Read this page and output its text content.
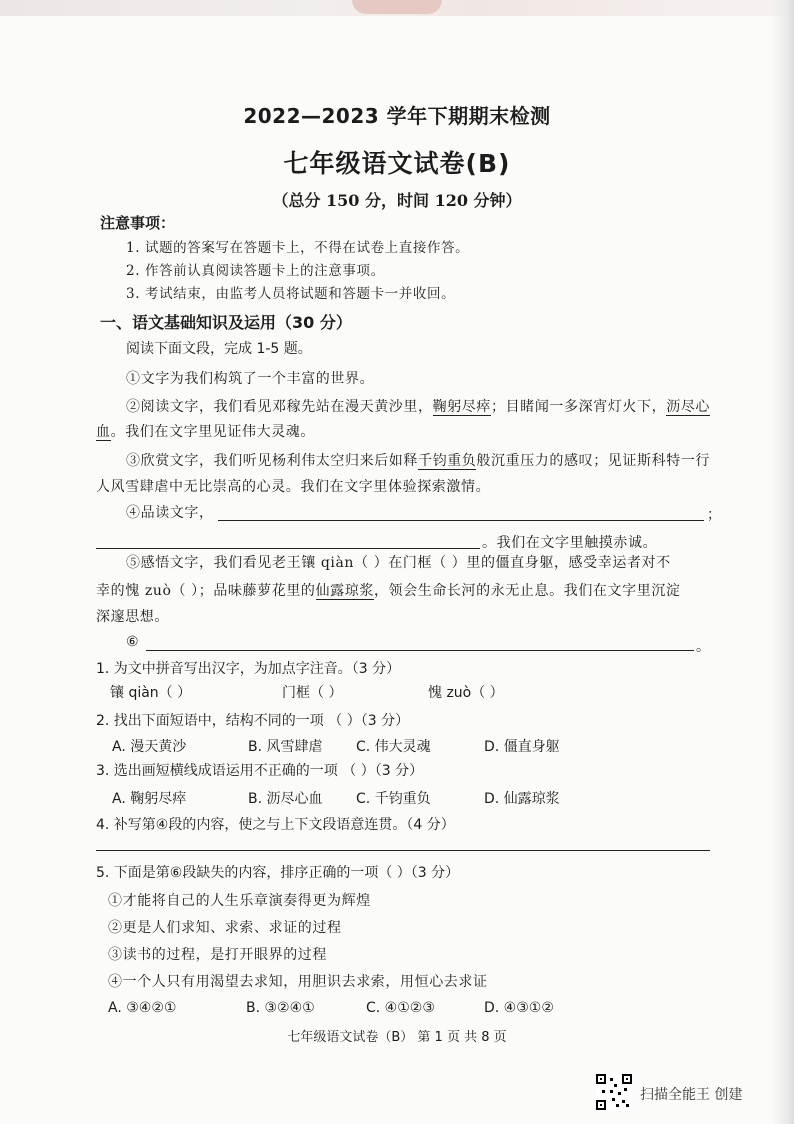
2022—2023 学年下期期末检测
七年级语文试卷(B)
（总分 150 分，时间 120 分钟）
注意事项：
1. 试题的答案写在答题卡上，不得在试卷上直接作答。
2. 作答前认真阅读答题卡上的注意事项。
3. 考试结束，由监考人员将试题和答题卡一并收回。
一、语文基础知识及运用（30 分）
阅读下面文段，完成 1-5 题。
①文字为我们构筑了一个丰富的世界。
②阅读文字，我们看见邓稼先站在漫天黄沙里，鞠躬尽瘁；目睹闻一多深宵灯火下，沥尽心
血。我们在文字里见证伟大灵魂。
③欣赏文字，我们听见杨利伟太空归来后如释千钧重负般沉重压力的感叹；见证斯科特一行
人风雪肆虐中无比崇高的心灵。我们在文字里体验探索激情。
④品读文字，	；
。我们在文字里触摸赤诚。
⑤感悟文字，我们看见老王镶 qiàn（ ）在门框（ ）里的僵直身躯，感受幸运者对不
幸的愧 zuò（ ）；品味藤萝花里的仙露琼浆，领会生命长河的永无止息。我们在文字里沉淀
深邃思想。
⑥	。
1. 为文中拼音写出汉字，为加点字注音。（3 分）
镶 qiàn（ ）	门框（ ）	愧 zuò（ ）
2. 找出下面短语中，结构不同的一项 （ ）（3 分）
A. 漫天黄沙	B. 风雪肆虐 C. 伟大灵魂	D. 僵直身躯
3. 选出画短横线成语运用不正确的一项 （ ）（3 分）
A. 鞠躬尽瘁	B. 沥尽心血 C. 千钧重负	D. 仙露琼浆
4. 补写第④段的内容，使之与上下文段语意连贯。（4 分）
5. 下面是第⑥段缺失的内容，排序正确的一项（ ）（3 分）
①才能将自己的人生乐章演奏得更为辉煌
②更是人们求知、求索、求证的过程
③读书的过程，是打开眼界的过程
④一个人只有用渴望去求知，用胆识去求索，用恒心去求证
A. ③④②①	B. ③②④①	C. ④①②③	D. ④③①②
七年级语文试卷（B） 第 1 页 共 8 页
扫描全能王 创建
